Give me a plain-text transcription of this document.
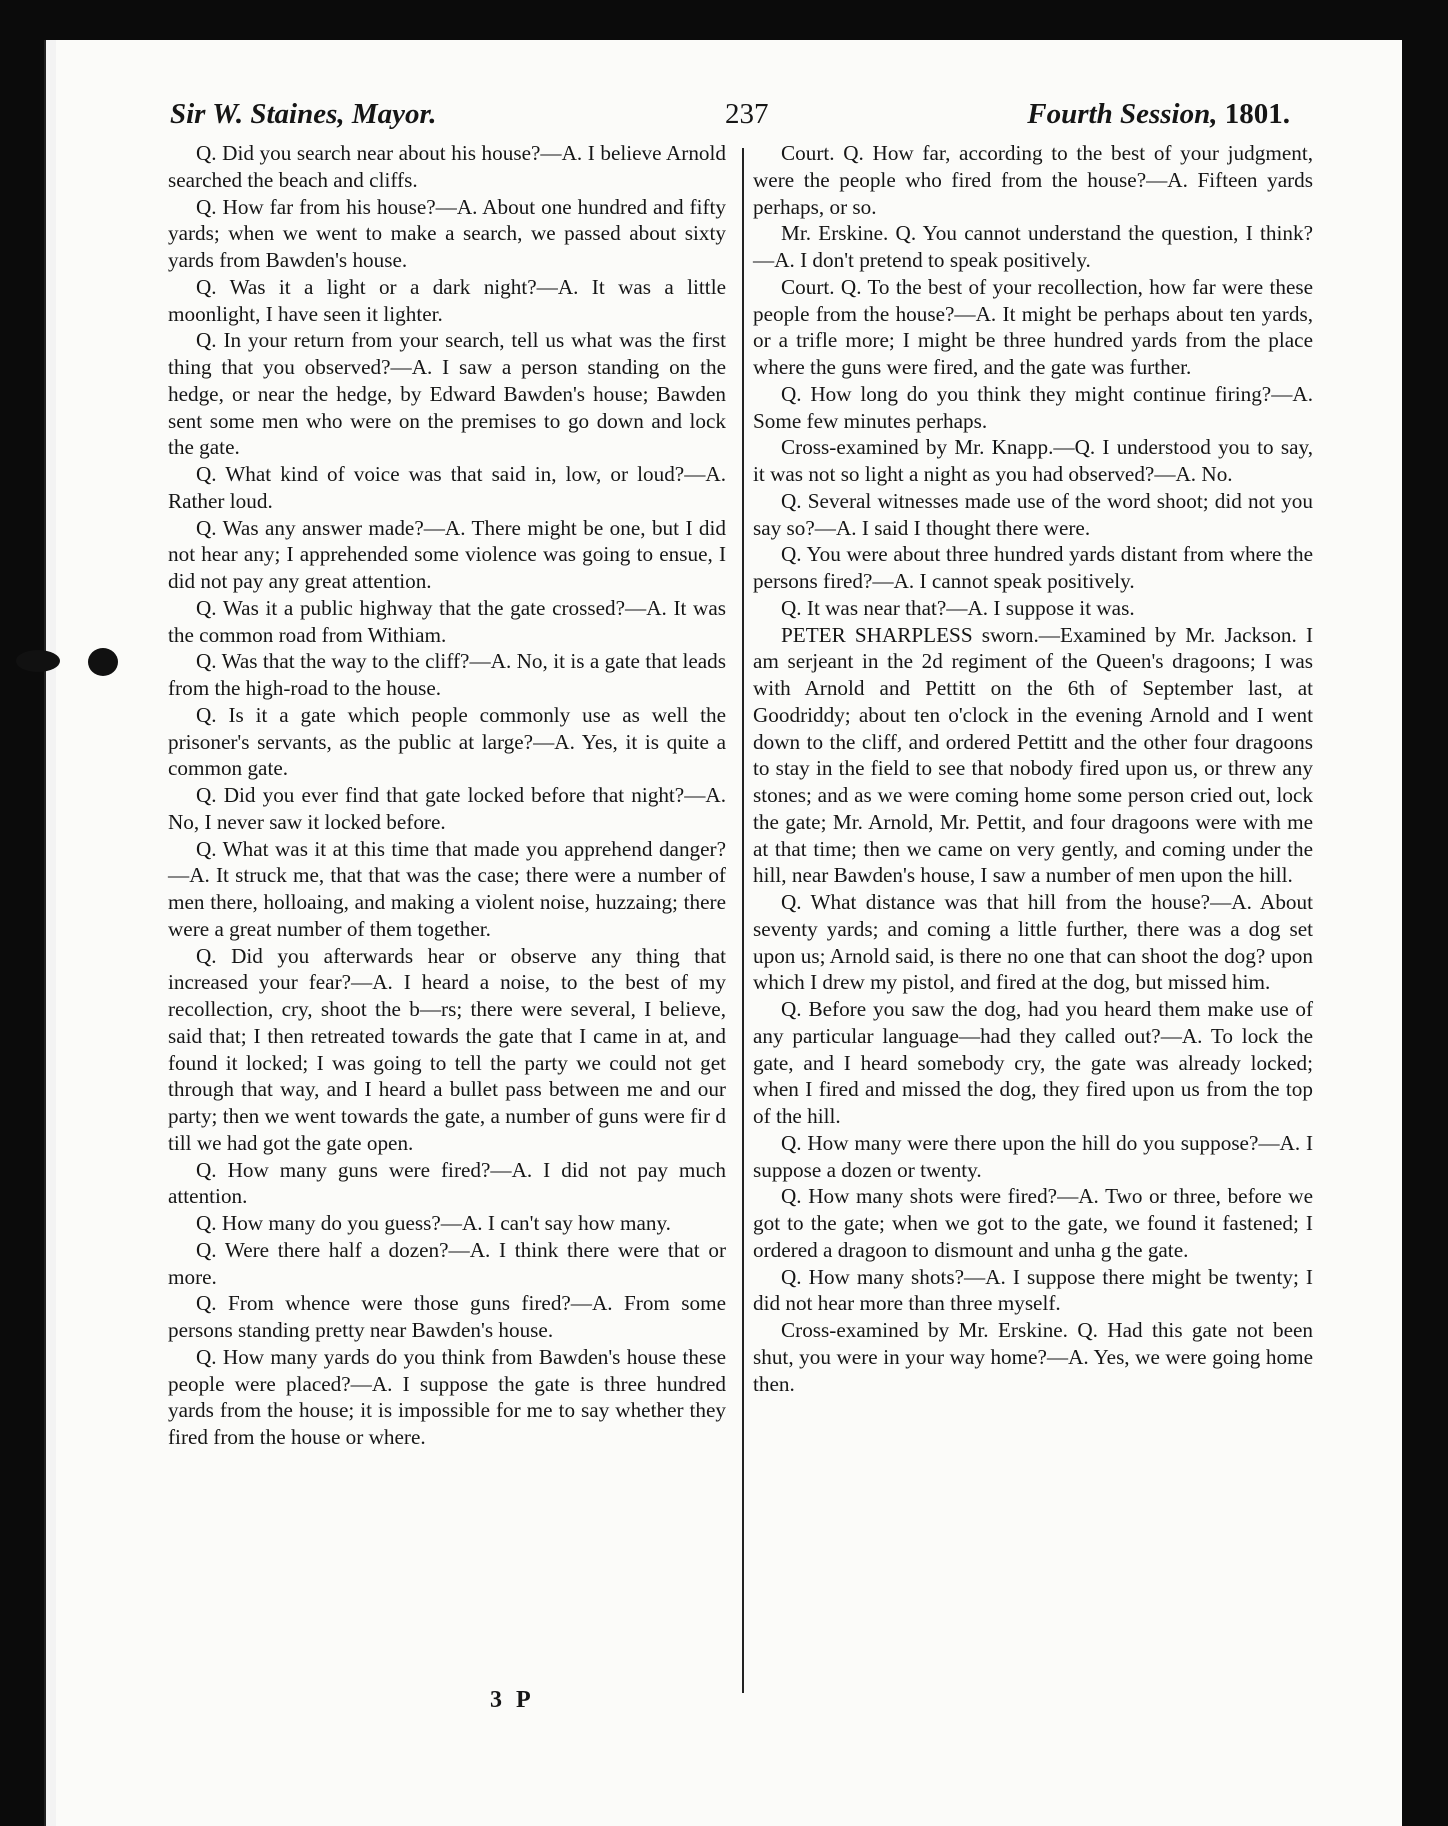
Sir W. Staines, Mayor.	237	Fourth Session, 1801.

Q. Did you search near about his house?—A. I believe Arnold searched the beach and cliffs.

Q. How far from his house?—A. About one hundred and fifty yards; when we went to make a search, we passed about sixty yards from Bawden's house.

Q. Was it a light or a dark night?—A. It was a little moonlight, I have seen it lighter.

Q. In your return from your search, tell us what was the first thing that you observed?—A. I saw a person standing on the hedge, or near the hedge, by Edward Bawden's house; Bawden sent some men who were on the premises to go down and lock the gate.

Q. What kind of voice was that said in, low, or loud?—A. Rather loud.

Q. Was any answer made?—A. There might be one, but I did not hear any; I apprehended some violence was going to ensue, I did not pay any great attention.

Q. Was it a public highway that the gate crossed?—A. It was the common road from Withiam.

Q. Was that the way to the cliff?—A. No, it is a gate that leads from the high-road to the house.

Q. Is it a gate which people commonly use as well the prisoner's servants, as the public at large?—A. Yes, it is quite a common gate.

Q. Did you ever find that gate locked before that night?—A. No, I never saw it locked before.

Q. What was it at this time that made you apprehend danger?—A. It struck me, that that was the case; there were a number of men there, holloaing, and making a violent noise, huzzaing; there were a great number of them together.

Q. Did you afterwards hear or observe any thing that increased your fear?—A. I heard a noise, to the best of my recollection, cry, shoot the b—rs; there were several, I believe, said that; I then retreated towards the gate that I came in at, and found it locked; I was going to tell the party we could not get through that way, and I heard a bullet pass between me and our party; then we went towards the gate, a number of guns were fir d till we had got the gate open.

Q. How many guns were fired?—A. I did not pay much attention.

Q. How many do you guess?—A. I can't say how many.

Q. Were there half a dozen?—A. I think there were that or more.

Q. From whence were those guns fired?—A. From some persons standing pretty near Bawden's house.

Q. How many yards do you think from Bawden's house these people were placed?—A. I suppose the gate is three hundred yards from the house; it is impossible for me to say whether they fired from the house or where.

Court. Q. How far, according to the best of your judgment, were the people who fired from the house?—A. Fifteen yards perhaps, or so.

Mr. Erskine. Q. You cannot understand the question, I think?—A. I don't pretend to speak positively.

Court. Q. To the best of your recollection, how far were these people from the house?—A. It might be perhaps about ten yards, or a trifle more; I might be three hundred yards from the place where the guns were fired, and the gate was further.

Q. How long do you think they might continue firing?—A. Some few minutes perhaps.

Cross-examined by Mr. Knapp.—Q. I understood you to say, it was not so light a night as you had observed?—A. No.

Q. Several witnesses made use of the word shoot; did not you say so?—A. I said I thought there were.

Q. You were about three hundred yards distant from where the persons fired?—A. I cannot speak positively.

Q. It was near that?—A. I suppose it was.

PETER SHARPLESS sworn.—Examined by Mr. Jackson. I am serjeant in the 2d regiment of the Queen's dragoons; I was with Arnold and Pettitt on the 6th of September last, at Goodriddy; about ten o'clock in the evening Arnold and I went down to the cliff, and ordered Pettitt and the other four dragoons to stay in the field to see that nobody fired upon us, or threw any stones; and as we were coming home some person cried out, lock the gate; Mr. Arnold, Mr. Pettit, and four dragoons were with me at that time; then we came on very gently, and coming under the hill, near Bawden's house, I saw a number of men upon the hill.

Q. What distance was that hill from the house?—A. About seventy yards; and coming a little further, there was a dog set upon us; Arnold said, is there no one that can shoot the dog? upon which I drew my pistol, and fired at the dog, but missed him.

Q. Before you saw the dog, had you heard them make use of any particular language—had they called out?—A. To lock the gate, and I heard somebody cry, the gate was already locked; when I fired and missed the dog, they fired upon us from the top of the hill.

Q. How many were there upon the hill do you suppose?—A. I suppose a dozen or twenty.

Q. How many shots were fired?—A. Two or three, before we got to the gate; when we got to the gate, we found it fastened; I ordered a dragoon to dismount and unha g the gate.

Q. How many shots?—A. I suppose there might be twenty; I did not hear more than three myself.

Cross-examined by Mr. Erskine. Q. Had this gate not been shut, you were in your way home?—A. Yes, we were going home then.

3 P
